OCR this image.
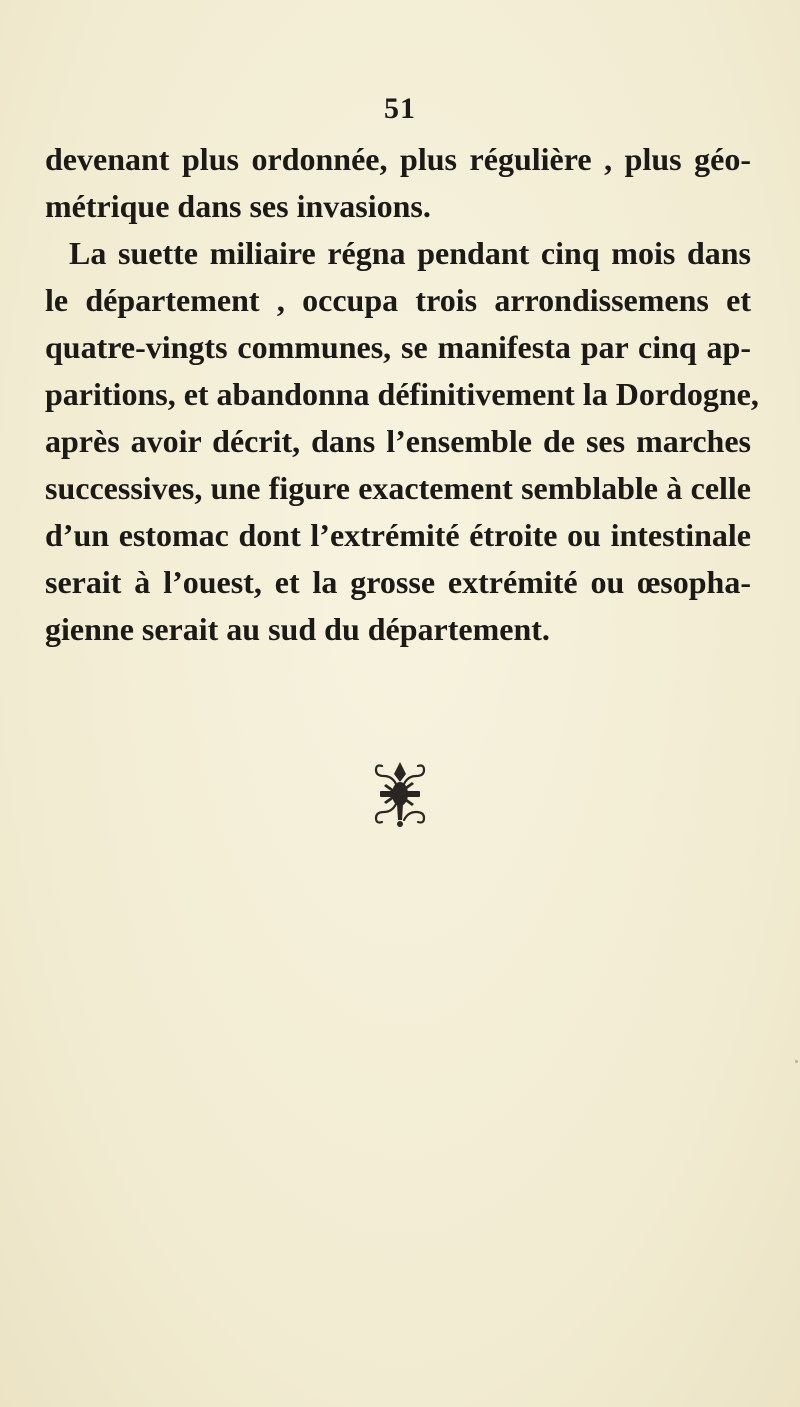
51
devenant plus ordonnée, plus régulière , plus géo-
métrique dans ses invasions.
La suette miliaire régna pendant cinq mois dans
le département , occupa trois arrondissemens et
quatre-vingts communes, se manifesta par cinq ap-
paritions, et abandonna définitivement la Dordogne,
après avoir décrit, dans l’ensemble de ses marches
successives, une figure exactement semblable à celle
d’un estomac dont l’extrémité étroite ou intestinale
serait à l’ouest, et la grosse extrémité ou œsopha-
gienne serait au sud du département.
